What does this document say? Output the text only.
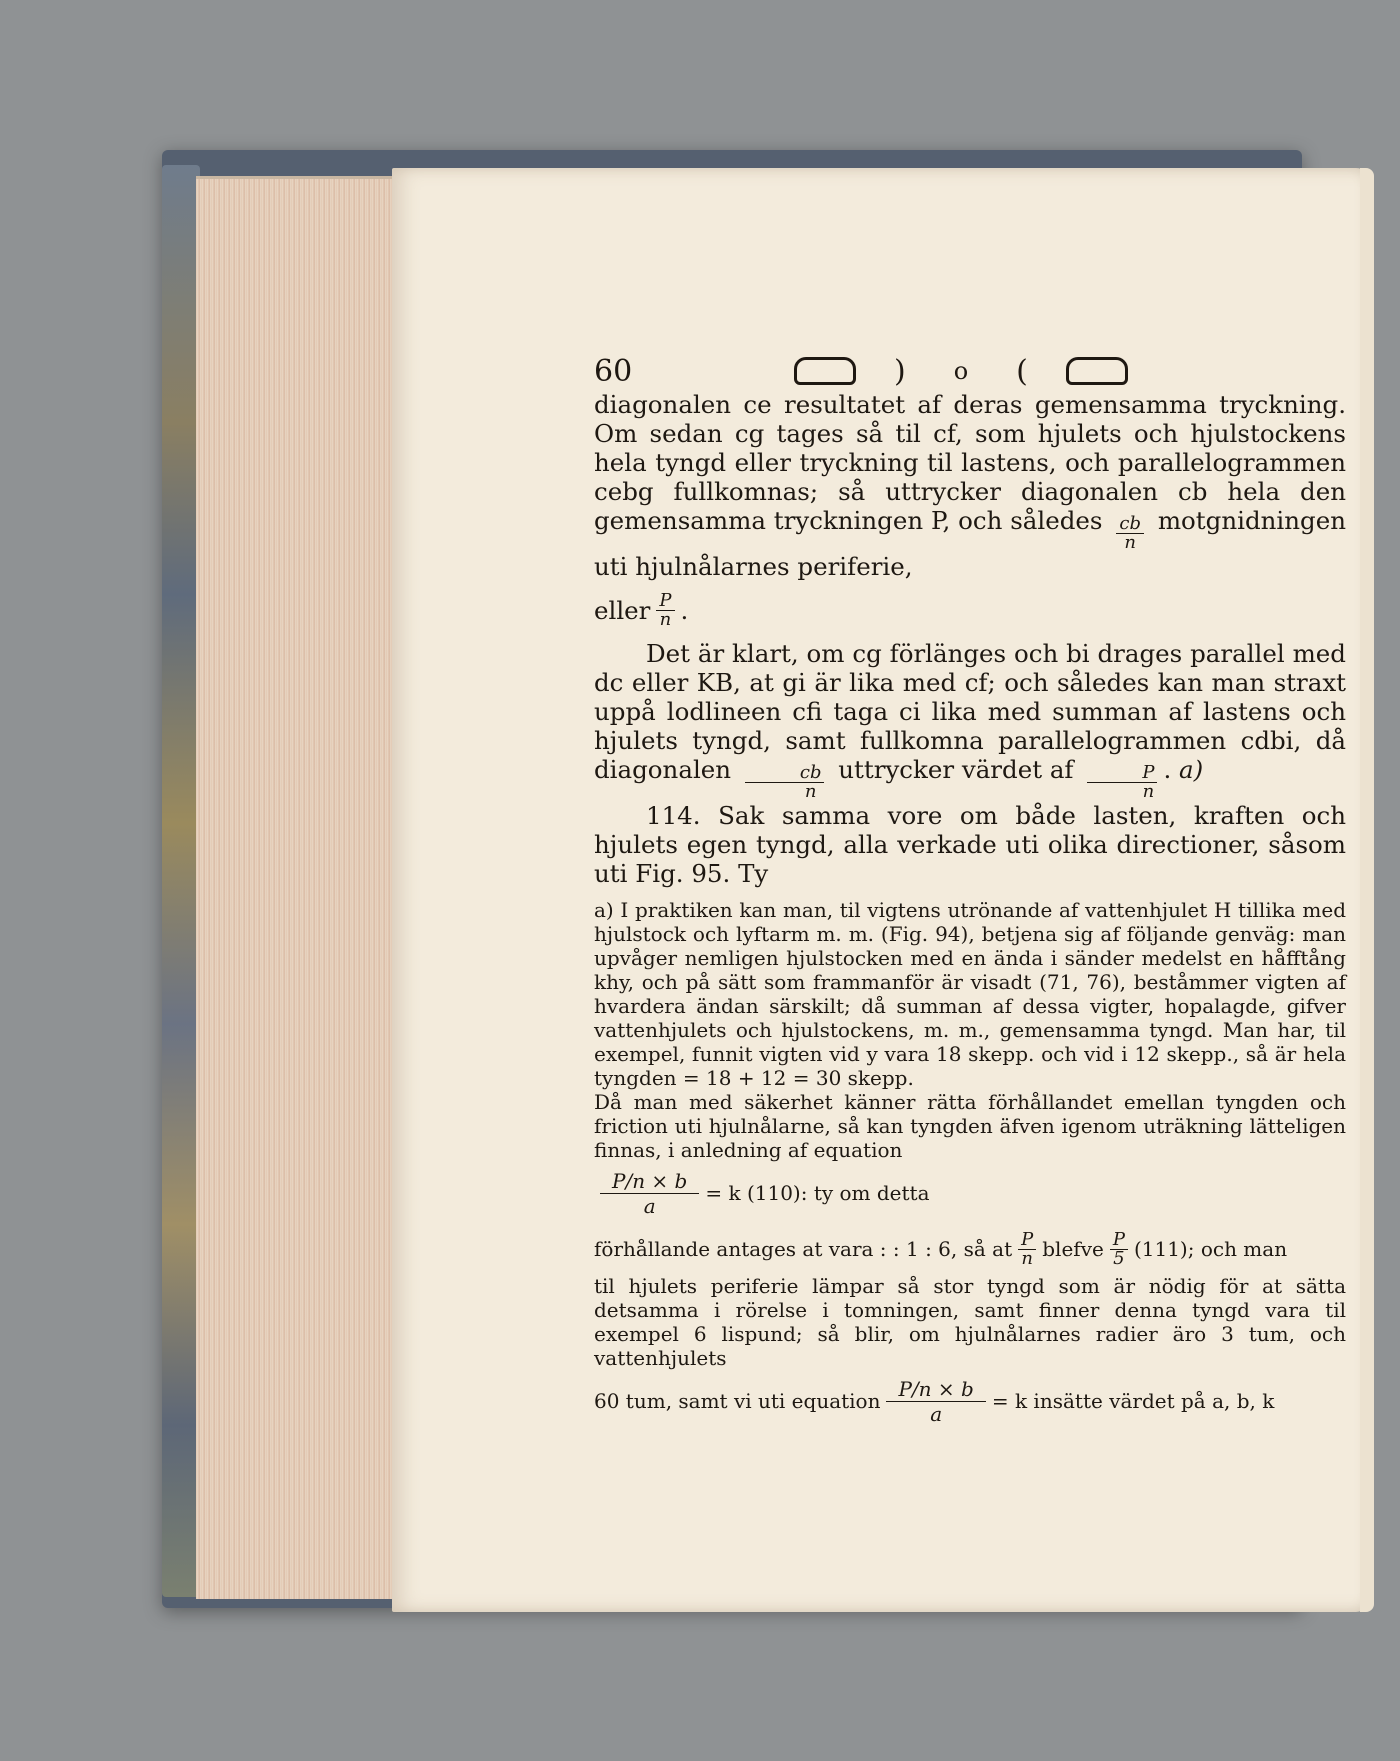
60	) o (

diagonalen ce resultatet af deras gemensamma tryckning. Om sedan cg tages så til cf, som hjulets och hjulstockens hela tyngd eller tryckning til lastens, och parallelogrammen cebg fullkomnas; så uttrycker diagonalen cb hela den gemensamma tryckningen P, och således $\frac{cb}{n}$ motgnidningen uti hjulnålarnes periferie,

eller $\frac{P}{n}$ .

Det är klart, om cg förlänges och bi drages parallel med dc eller KB, at gi är lika med cf; och således kan man straxt uppå lodlineen cfi taga ci lika med summan af lastens och hjulets tyngd, samt fullkomna parallelogrammen cdbi, då diagonalen $\frac{cb}{n}$ uttrycker värdet af $\frac{P}{n}$ . a)

114. Sak samma vore om både lasten, kraften och hjulets egen tyngd, alla verkade uti olika directioner, såsom uti Fig. 95. Ty

a) I praktiken kan man, til vigtens utrönande af vattenhjulet H tillika med hjulstock och lyftarm m. m. (Fig. 94), betjena sig af följande genväg: man upvåger nemligen hjulstocken med en ända i sänder medelst en håfftång khy, och på sätt som frammanför är visadt (71, 76), beståmmer vigten af hvardera ändan särskilt; då summan af dessa vigter, hopalagde, gifver vattenhjulets och hjulstockens, m. m., gemensamma tyngd. Man har, til exempel, funnit vigten vid y vara 18 skepp. och vid i 12 skepp., så är hela tyngden = 18 + 12 = 30 skepp.

Då man med säkerhet känner rätta förhållandet emellan tyngden och friction uti hjulnålarne, så kan tyngden äfven igenom uträkning lätteligen finnas, i anledning af equation

$\frac{P/n \times b}{a} = k$ (110): ty om detta
förhållande antages at vara : : 1 : 6, så at $\frac{P}{n}$ blefve $\frac{P}{5} (111)$; och man

til hjulets periferie lämpar så stor tyngd som är nödig för at sätta detsamma i rörelse i tomningen, samt finner denna tyngd vara til exempel 6 lispund; så blir, om hjulnålarnes radier äro 3 tum, och vattenhjulets

60 tum, samt vi uti equation $\frac{P/n \times b}{a} = k$ insätte värdet på a, b, k
